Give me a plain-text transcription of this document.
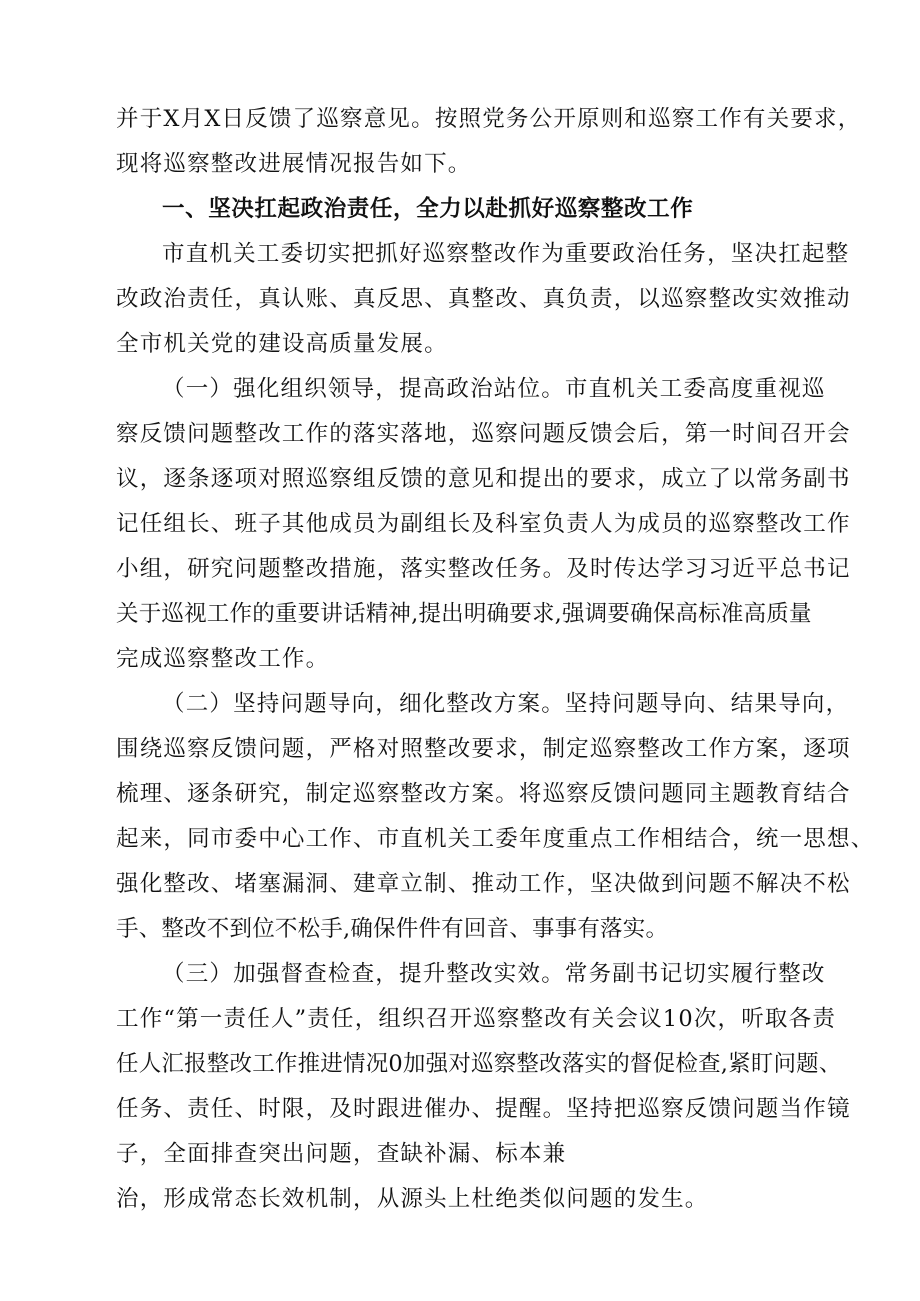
并于X月X日反馈了巡察意见。按照党务公开原则和巡察工作有关要求，
现将巡察整改进展情况报告如下。
一、坚决扛起政治责任，全力以赴抓好巡察整改工作
市直机关工委切实把抓好巡察整改作为重要政治任务，坚决扛起整
改政治责任，真认账、真反思、真整改、真负责，以巡察整改实效推动
全市机关党的建设高质量发展。
（一）强化组织领导，提高政治站位。市直机关工委高度重视巡
察反馈问题整改工作的落实落地，巡察问题反馈会后，第一时间召开会
议，逐条逐项对照巡察组反馈的意见和提出的要求，成立了以常务副书
记任组长、班子其他成员为副组长及科室负责人为成员的巡察整改工作
小组，研究问题整改措施，落实整改任务。及时传达学习习近平总书记
关于巡视工作的重要讲话精神,提出明确要求,强调要确保高标准高质量
完成巡察整改工作。
（二）坚持问题导向，细化整改方案。坚持问题导向、结果导向，
围绕巡察反馈问题，严格对照整改要求，制定巡察整改工作方案，逐项
梳理、逐条研究，制定巡察整改方案。将巡察反馈问题同主题教育结合
起来，同市委中心工作、市直机关工委年度重点工作相结合，统一思想、
强化整改、堵塞漏洞、建章立制、推动工作，坚决做到问题不解决不松
手、整改不到位不松手,确保件件有回音、事事有落实。
（三）加强督查检查，提升整改实效。常务副书记切实履行整改
工作“第一责任人”责任，组织召开巡察整改有关会议10次，听取各责
任人汇报整改工作推进情况0加强对巡察整改落实的督促检查,紧盯问题、
任务、责任、时限，及时跟进催办、提醒。坚持把巡察反馈问题当作镜
子，全面排查突出问题，查缺补漏、标本兼
治，形成常态长效机制，从源头上杜绝类似问题的发生。
